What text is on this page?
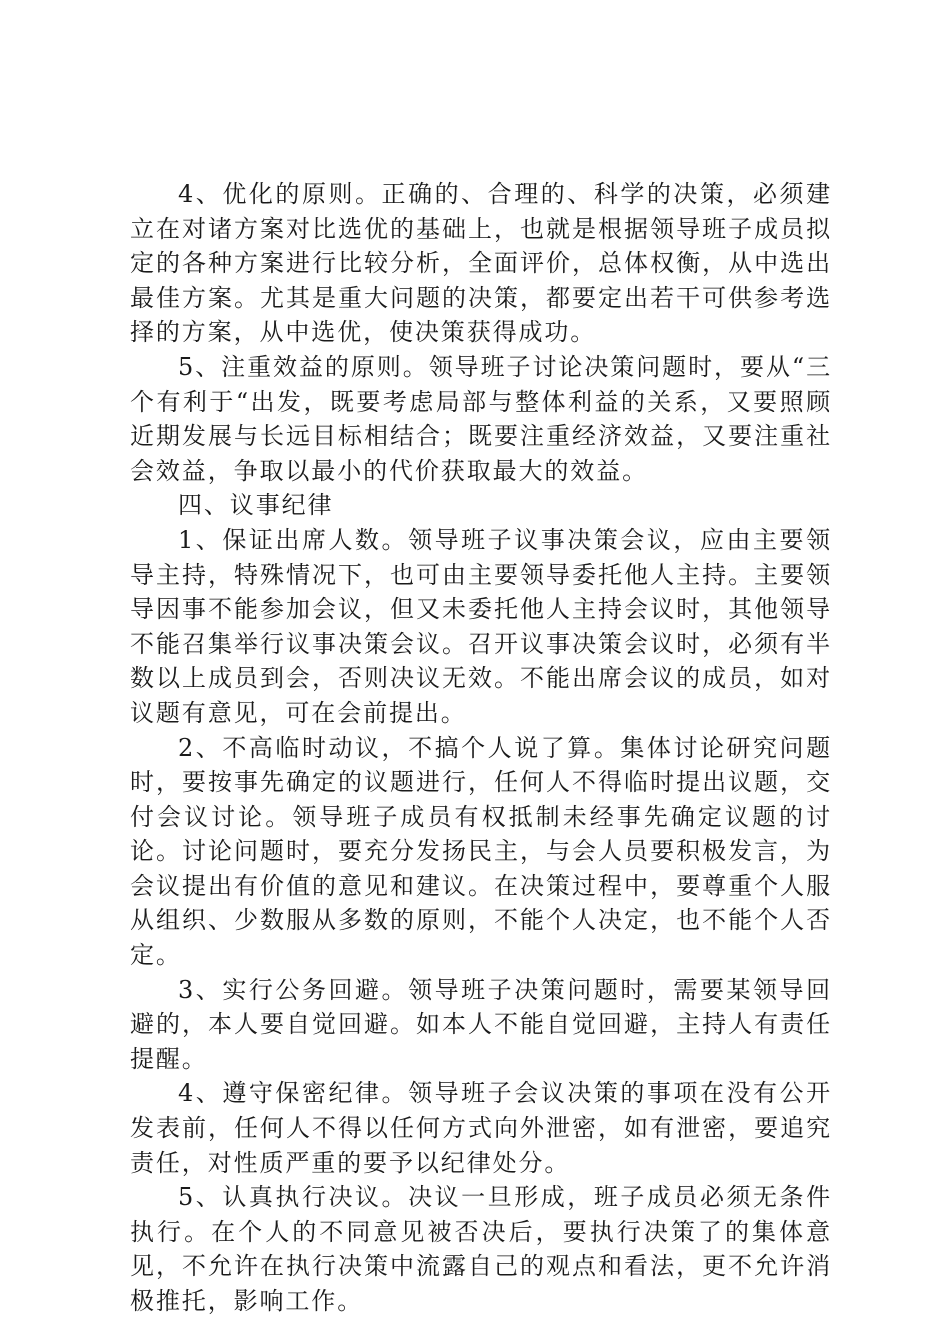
4、优化的原则。正确的、合理的、科学的决策，必须建立在对诸方案对比选优的基础上，也就是根据领导班子成员拟定的各种方案进行比较分析，全面评价，总体权衡，从中选出最佳方案。尤其是重大问题的决策，都要定出若干可供参考选择的方案，从中选优，使决策获得成功。

5、注重效益的原则。领导班子讨论决策问题时，要从“三个有利于“出发，既要考虑局部与整体利益的关系，又要照顾近期发展与长远目标相结合；既要注重经济效益，又要注重社会效益，争取以最小的代价获取最大的效益。

四、议事纪律

1、保证出席人数。领导班子议事决策会议，应由主要领导主持，特殊情况下，也可由主要领导委托他人主持。主要领导因事不能参加会议，但又未委托他人主持会议时，其他领导不能召集举行议事决策会议。召开议事决策会议时，必须有半数以上成员到会，否则决议无效。不能出席会议的成员，如对议题有意见，可在会前提出。

2、不高临时动议，不搞个人说了算。集体讨论研究问题时，要按事先确定的议题进行，任何人不得临时提出议题，交付会议讨论。领导班子成员有权抵制未经事先确定议题的讨论。讨论问题时，要充分发扬民主，与会人员要积极发言，为会议提出有价值的意见和建议。在决策过程中，要尊重个人服从组织、少数服从多数的原则，不能个人决定，也不能个人否定。

3、实行公务回避。领导班子决策问题时，需要某领导回避的，本人要自觉回避。如本人不能自觉回避，主持人有责任提醒。

4、遵守保密纪律。领导班子会议决策的事项在没有公开发表前，任何人不得以任何方式向外泄密，如有泄密，要追究责任，对性质严重的要予以纪律处分。

5、认真执行决议。决议一旦形成，班子成员必须无条件执行。在个人的不同意见被否决后，要执行决策了的集体意见，不允许在执行决策中流露自己的观点和看法，更不允许消极推托，影响工作。
